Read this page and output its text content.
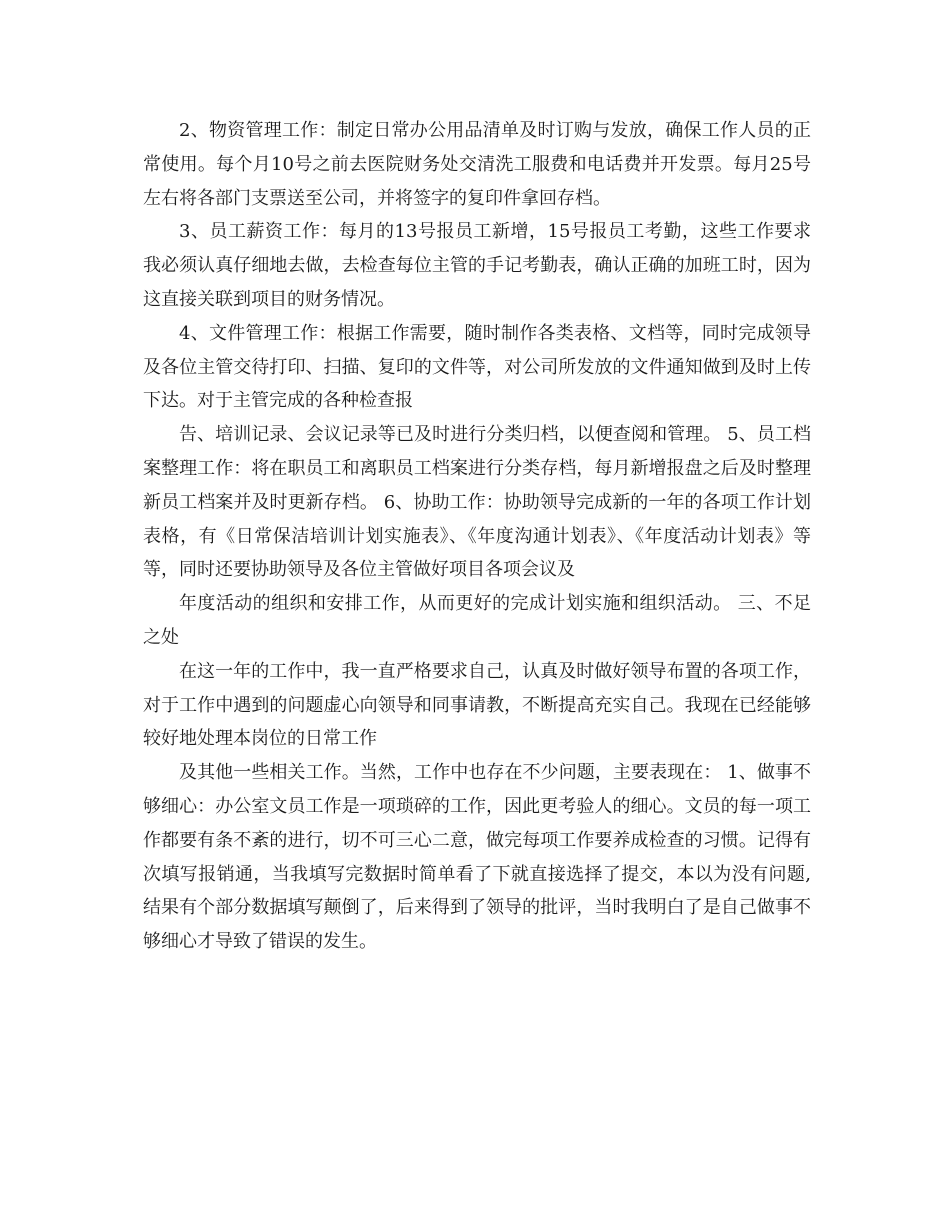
2、物资管理工作：制定日常办公用品清单及时订购与发放，确保工作人员的正常使用。每个月10号之前去医院财务处交清洗工服费和电话费并开发票。每月25号左右将各部门支票送至公司，并将签字的复印件拿回存档。

3、员工薪资工作：每月的13号报员工新增，15号报员工考勤，这些工作要求我必须认真仔细地去做，去检查每位主管的手记考勤表，确认正确的加班工时，因为这直接关联到项目的财务情况。

4、文件管理工作：根据工作需要，随时制作各类表格、文档等，同时完成领导及各位主管交待打印、扫描、复印的文件等，对公司所发放的文件通知做到及时上传下达。对于主管完成的各种检查报

告、培训记录、会议记录等已及时进行分类归档，以便查阅和管理。 5、员工档案整理工作：将在职员工和离职员工档案进行分类存档，每月新增报盘之后及时整理新员工档案并及时更新存档。 6、协助工作：协助领导完成新的一年的各项工作计划表格，有《日常保洁培训计划实施表》、《年度沟通计划表》、《年度活动计划表》等等，同时还要协助领导及各位主管做好项目各项会议及

年度活动的组织和安排工作，从而更好的完成计划实施和组织活动。 三、不足之处

在这一年的工作中，我一直严格要求自己，认真及时做好领导布置的各项工作，对于工作中遇到的问题虚心向领导和同事请教，不断提高充实自己。我现在已经能够较好地处理本岗位的日常工作

及其他一些相关工作。当然，工作中也存在不少问题，主要表现在： 1、做事不够细心：办公室文员工作是一项琐碎的工作，因此更考验人的细心。文员的每一项工作都要有条不紊的进行，切不可三心二意，做完每项工作要养成检查的习惯。记得有次填写报销通，当我填写完数据时简单看了下就直接选择了提交，本以为没有问题,结果有个部分数据填写颠倒了，后来得到了领导的批评，当时我明白了是自己做事不够细心才导致了错误的发生。
